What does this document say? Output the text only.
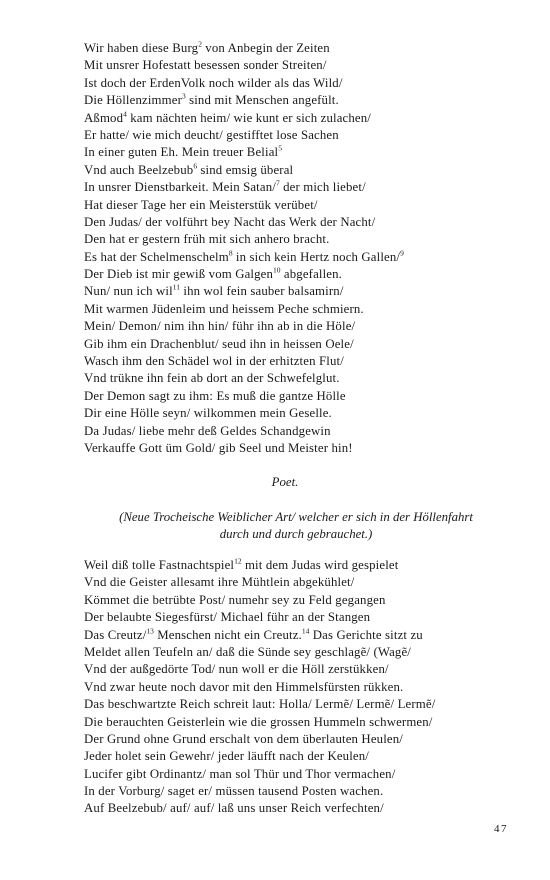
Wir haben diese Burg$^2$ von Anbegin der Zeiten
Mit unsrer Hofestatt besessen sonder Streiten/
Ist doch der ErdenVolk noch wilder als das Wild/
Die Höllenzimmer$^3$ sind mit Menschen angefült.
Aßmod$^4$ kam nächten heim/ wie kunt er sich zulachen/
Er hatte/ wie mich deucht/ gestifftet lose Sachen
In einer guten Eh. Mein treuer Belial$^5$
Vnd auch Beelzebub$^6$ sind emsig überal
In unsrer Dienstbarkeit. Mein Satan/$^7$ der mich liebet/
Hat dieser Tage her ein Meisterstük verübet/
Den Judas/ der volführt bey Nacht das Werk der Nacht/
Den hat er gestern früh mit sich anhero bracht.
Es hat der Schelmenschelm$^8$ in sich kein Hertz noch Gallen/$^9$
Der Dieb ist mir gewiß vom Galgen$^{10}$ abgefallen.
Nun/ nun ich wil$^{11}$ ihn wol fein sauber balsamirn/
Mit warmen Jüdenleim und heissem Peche schmiern.
Mein/ Demon/ nim ihn hin/ führ ihn ab in die Höle/
Gib ihm ein Drachenblut/ seud ihn in heissen Oele/
Wasch ihm den Schädel wol in der erhitzten Flut/
Vnd trükne ihn fein ab dort an der Schwefelglut.
Der Demon sagt zu ihm: Es muß die gantze Hölle
Dir eine Hölle seyn/ wilkommen mein Geselle.
Da Judas/ liebe mehr deß Geldes Schandgewin
Verkauffe Gott üm Gold/ gib Seel und Meister hin!

Poet.

(Neue Trocheische Weiblicher Art/ welcher er sich in der Höllenfahrt
durch und durch gebrauchet.)

Weil diß tolle Fastnachtspiel$^{12}$ mit dem Judas wird gespielet
Vnd die Geister allesamt ihre Mühtlein abgekühlet/
Kömmet die betrübte Post/ numehr sey zu Feld gegangen
Der belaubte Siegesfürst/ Michael führ an der Stangen
Das Creutz/$^{13}$ Menschen nicht ein Creutz.$^{14}$ Das Gerichte sitzt zu
Meldet allen Teufeln an/ daß die Sünde sey geschlagẽ/ (Wagẽ/
Vnd der außgedörte Tod/ nun woll er die Höll zerstükken/
Vnd zwar heute noch davor mit den Himmelsfürsten rükken.
Das beschwartzte Reich schreit laut: Holla/ Lermẽ/ Lermẽ/ Lermẽ/
Die berauchten Geisterlein wie die grossen Hummeln schwermen/
Der Grund ohne Grund erschalt von dem überlauten Heulen/
Jeder holet sein Gewehr/ jeder läufft nach der Keulen/
Lucifer gibt Ordinantz/ man sol Thür und Thor vermachen/
In der Vorburg/ saget er/ müssen tausend Posten wachen.
Auf Beelzebub/ auf/ auf/ laß uns unser Reich verfechten/
47
